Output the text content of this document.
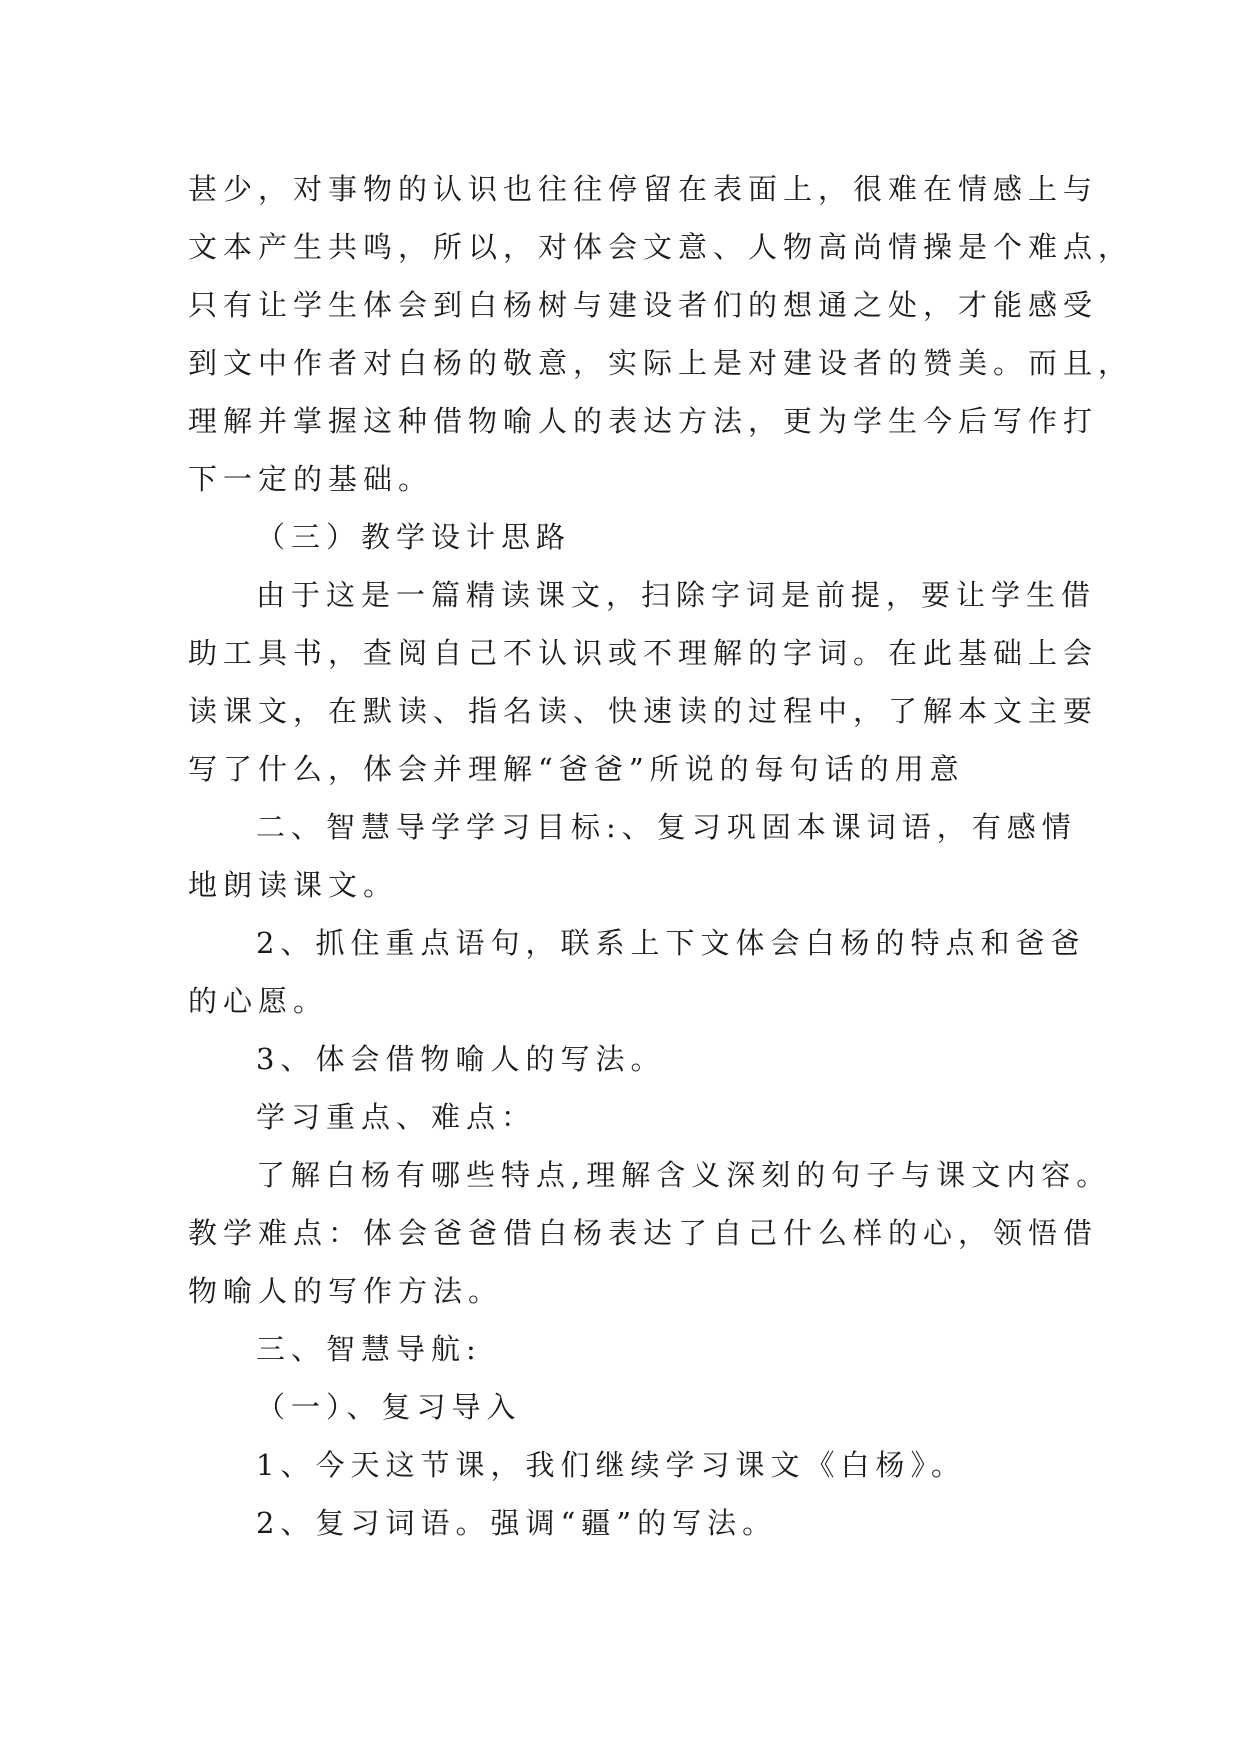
甚少，对事物的认识也往往停留在表面上，很难在情感上与
文本产生共鸣，所以，对体会文意、人物高尚情操是个难点，
只有让学生体会到白杨树与建设者们的想通之处，才能感受
到文中作者对白杨的敬意，实际上是对建设者的赞美。而且，
理解并掌握这种借物喻人的表达方法，更为学生今后写作打
下一定的基础。
（三）教学设计思路
由于这是一篇精读课文，扫除字词是前提，要让学生借
助工具书，查阅自己不认识或不理解的字词。在此基础上会
读课文，在默读、指名读、快速读的过程中，了解本文主要
写了什么，体会并理解“爸爸”所说的每句话的用意
二、智慧导学学习目标:、复习巩固本课词语，有感情
地朗读课文。
2、抓住重点语句，联系上下文体会白杨的特点和爸爸
的心愿。
3、体会借物喻人的写法。
学习重点、难点：
了解白杨有哪些特点,理解含义深刻的句子与课文内容。
教学难点：体会爸爸借白杨表达了自己什么样的心，领悟借
物喻人的写作方法。
三、智慧导航:
（一）、复习导入
1、今天这节课，我们继续学习课文《白杨》。
2、复习词语。强调“疆”的写法。
